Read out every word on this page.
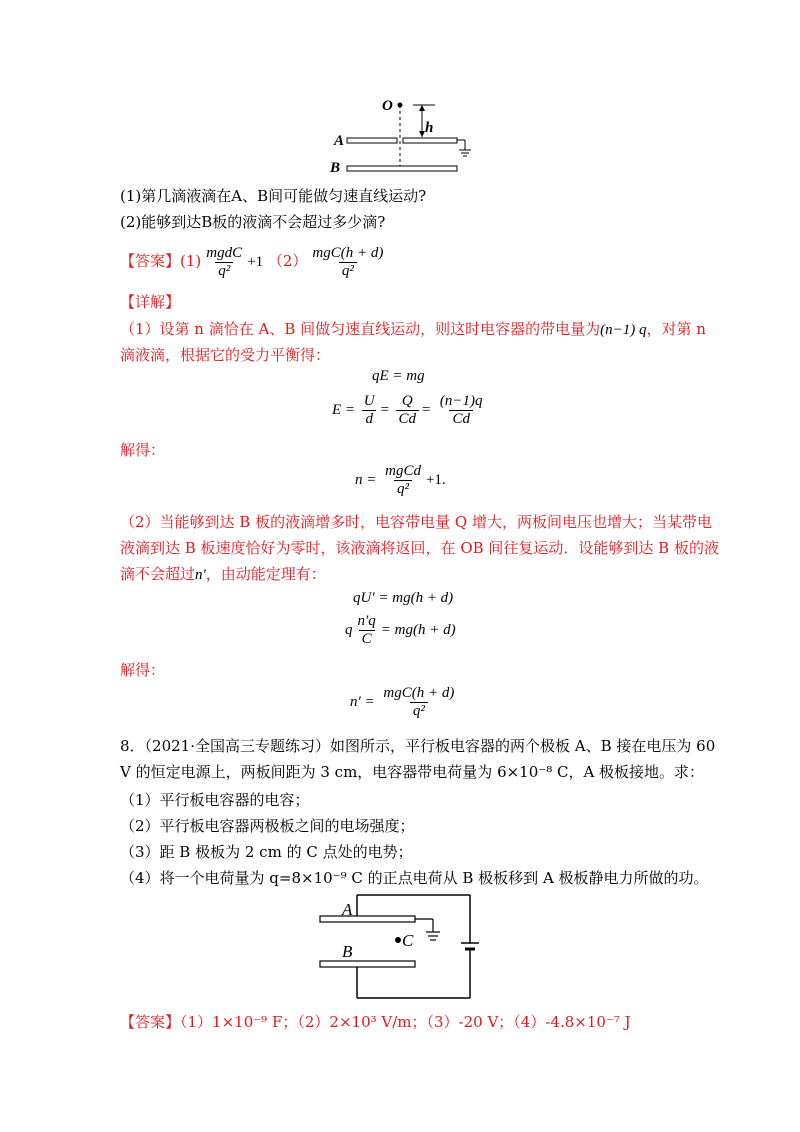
O
h
A
B
(1)第几滴液滴在A、B间可能做匀速直线运动?
(2)能够到达B板的液滴不会超过多少滴?
【答案】$(1) \frac{\text{mgdC}}{\text{q²}} +1$ $(2) \frac{\text{mgC(h + d)}}{\text{q²}}$
【详解】
（1）设第 n 滴恰在 A、B 间做匀速直线运动，则这时电容器的带电量为(n−1) q，对第 n
滴液滴，根据它的受力平衡得：
qE = mg
$E = \frac{U}{d} = \frac{Q}{Cd} = \frac{(n-1)q}{Cd}$
解得：
$n = \frac{\text{mgCd}}{\text{q²}} +1$.
（2）当能够到达 B 板的液滴增多时，电容带电量 Q 增大，两板间电压也增大；当某带电
液滴到达 B 板速度恰好为零时，该液滴将返回，在 OB 间往复运动．设能够到达 B 板的液
滴不会超过n′，由动能定理有：
qU′ = mg(h + d)
q $\frac{n'q}{C} = mg(h + d)$
解得：
$n' = \frac{\text{mgC(h + d)}}{\text{q²}}$
8．（2021·全国高三专题练习）如图所示，平行板电容器的两个极板 A、B 接在电压为 60
V 的恒定电源上，两板间距为 3 cm，电容器带电荷量为 6×10⁻⁸ C，A 极板接地。求：
（1）平行板电容器的电容；
（2）平行板电容器两极板之间的电场强度；
（3）距 B 极板为 2 cm 的 C 点处的电势；
（4）将一个电荷量为 q=8×10⁻⁹ C 的正点电荷从 B 极板移到 A 极板静电力所做的功。
A
C
B
【答案】（1）1×10⁻⁹ F；（2）2×10³ V/m；（3）-20 V；（4）-4.8×10⁻⁷ J
